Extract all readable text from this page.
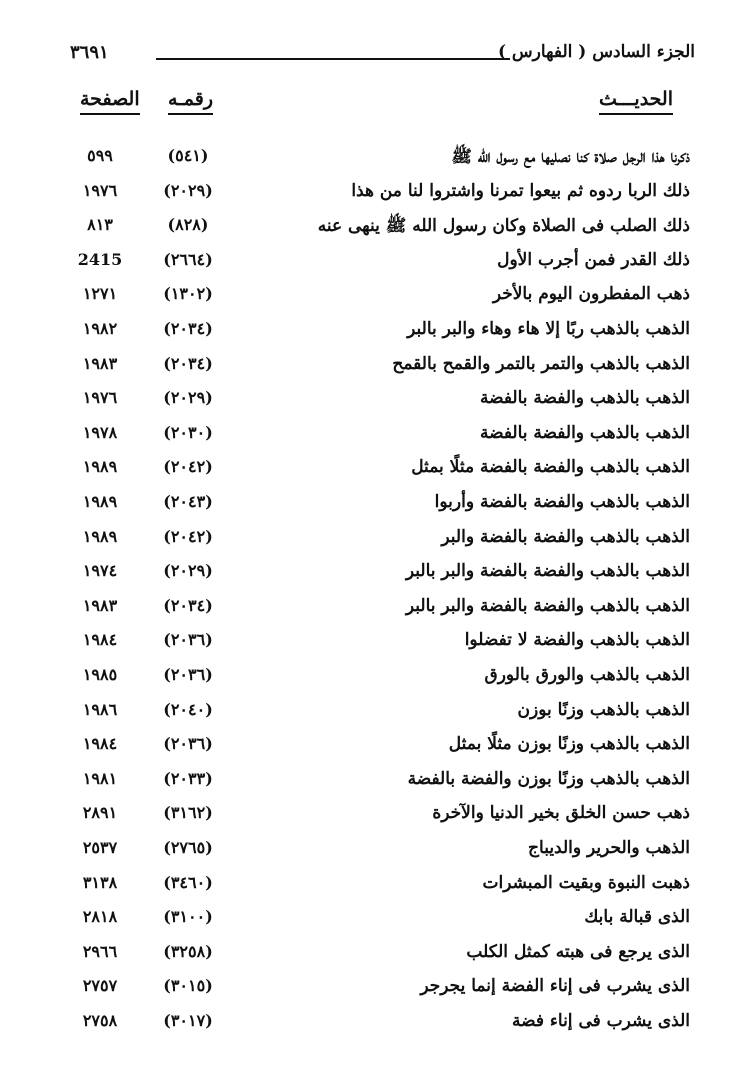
الجزء السادس ( الفهارس )
٣٦٩١
الحديـــث
رقمـه
الصفحة
ذكرنا هذا الرجل صلاة كنا نصليها مع رسول الله ﷺ
(٥٤١)
٥٩٩
ذلك الربا ردوه ثم بيعوا تمرنا واشتروا لنا من هذا
(٢٠٢٩)
١٩٧٦
ذلك الصلب فى الصلاة وكان رسول الله ﷺ ينهى عنه
(٨٢٨)
٨١٣
ذلك القدر فمن أجرب الأول
(٢٦٦٤)
2415
ذهب المفطرون اليوم بالأخر
(١٣٠٢)
١٢٧١
الذهب بالذهب ربًا إلا هاء وهاء والبر بالبر
(٢٠٣٤)
١٩٨٢
الذهب بالذهب والتمر بالتمر والقمح بالقمح
(٢٠٣٤)
١٩٨٣
الذهب بالذهب والفضة بالفضة
(٢٠٢٩)
١٩٧٦
الذهب بالذهب والفضة بالفضة
(٢٠٣٠)
١٩٧٨
الذهب بالذهب والفضة بالفضة مثلًا بمثل
(٢٠٤٢)
١٩٨٩
الذهب بالذهب والفضة بالفضة وأربوا
(٢٠٤٣)
١٩٨٩
الذهب بالذهب والفضة بالفضة والبر
(٢٠٤٢)
١٩٨٩
الذهب بالذهب والفضة بالفضة والبر بالبر
(٢٠٢٩)
١٩٧٤
الذهب بالذهب والفضة بالفضة والبر بالبر
(٢٠٣٤)
١٩٨٣
الذهب بالذهب والفضة لا تفضلوا
(٢٠٣٦)
١٩٨٤
الذهب بالذهب والورق بالورق
(٢٠٣٦)
١٩٨٥
الذهب بالذهب وزنًا بوزن
(٢٠٤٠)
١٩٨٦
الذهب بالذهب وزنًا بوزن مثلًا بمثل
(٢٠٣٦)
١٩٨٤
الذهب بالذهب وزنًا بوزن والفضة بالفضة
(٢٠٣٣)
١٩٨١
ذهب حسن الخلق بخير الدنيا والآخرة
(٣١٦٢)
٢٨٩١
الذهب والحرير والديباج
(٢٧٦٥)
٢٥٣٧
ذهبت النبوة وبقيت المبشرات
(٣٤٦٠)
٣١٣٨
الذى قبالة بابك
(٣١٠٠)
٢٨١٨
الذى يرجع فى هبته كمثل الكلب
(٣٢٥٨)
٢٩٦٦
الذى يشرب فى إناء الفضة إنما يجرجر
(٣٠١٥)
٢٧٥٧
الذى يشرب فى إناء فضة
(٣٠١٧)
٢٧٥٨
